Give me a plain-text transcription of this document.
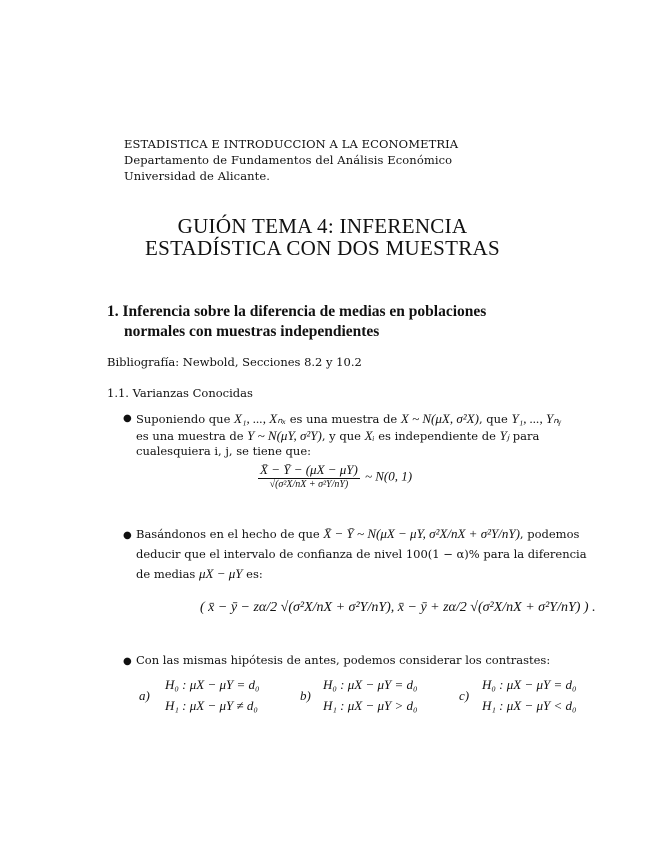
ESTADISTICA E INTRODUCCION A LA ECONOMETRIA
Departamento de Fundamentos del Análisis Económico
Universidad de Alicante.
GUIÓN TEMA 4: INFERENCIA
ESTADÍSTICA CON DOS MUESTRAS
1. Inferencia sobre la diferencia de medias en poblaciones
normales con muestras independientes
Bibliografía: Newbold, Secciones 8.2 y 10.2
1.1. Varianzas Conocidas
● Suponiendo que X₁, ..., Xₙₓ es una muestra de X ~ N(μX, σ²X), que Y₁, ..., Yₙᵧ
es una muestra de Y ~ N(μY, σ²Y), y que Xᵢ es independiente de Yⱼ para
cualesquiera i, j, se tiene que:
$\frac{X̄ - Ȳ - (\mu X - \mu Y)}{\text{√(σ²X/nX + σ²Y/nY)}}$ ~ N(0, 1)
● Basándonos en el hecho de que X̄ − Ȳ ~ N(μX − μY, σ²X/nX + σ²Y/nY), podemos
deducir que el intervalo de confianza de nivel 100(1 − α)% para la diferencia
de medias μX − μY es:
( x̄ − ȳ − zα/2 √(σ²X/nX + σ²Y/nY), x̄ − ȳ + zα/2 √(σ²X/nX + σ²Y/nY) ) .
● Con las mismas hipótesis de antes, podemos considerar los contrastes:
a)
H₀ : μX − μY = d₀
H₁ : μX − μY ≠ d₀
b)
H₀ : μX − μY = d₀
H₁ : μX − μY > d₀
c)
H₀ : μX − μY = d₀
H₁ : μX − μY < d₀
